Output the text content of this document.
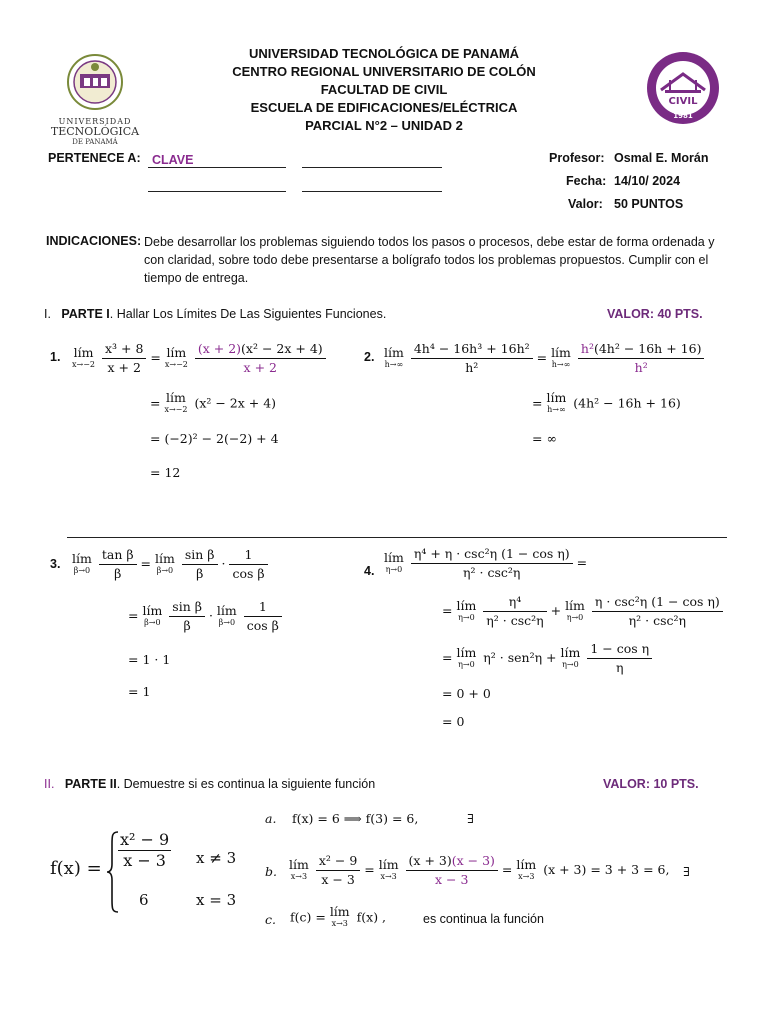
UNIVERSIDAD
TECNOLÓGICA
DE PANAMÁ
CIVIL
1981
UNIVERSIDAD TECNOLÓGICA DE PANAMÁ
CENTRO REGIONAL UNIVERSITARIO DE COLÓN
FACULTAD DE CIVIL
ESCUELA DE EDIFICACIONES/ELÉCTRICA
PARCIAL N°2 – UNIDAD 2
PERTENECE A: CLAVE	Profesor: Osmal E. Morán
Fecha: 14/10/ 2024
Valor: 50 PUNTOS
INDICACIONES: Debe desarrollar los problemas siguiendo todos los pasos o procesos, debe estar de forma ordenada y
con claridad, sobre todo debe presentarse a bolígrafo todos los problemas propuestos. Cumplir con el
tiempo de entrega.
I. PARTE I. Hallar Los Límites De Las Siguientes Funciones.	VALOR: 40 PTS.
1. lím
x→−2
$\frac{\text{x³ + 8}}{x + 2}$ = lím
x→−2
$\frac{\text{(x + 2)(x² − 2x + 4)}}{x + 2}$
= lím
x→−2 (x² − 2x + 4)
= (−2)² − 2(−2) + 4
= 12
2. lím
h→∞
$\frac{\text{4h⁴ − 16h³ + 16h²}}{\text{h²}}$ = lím
h→∞
$\frac{\text{h²(4h² − 16h + 16)}}{\text{h²}}$
= lím
h→∞ (4h² − 16h + 16)
= ∞
3. lím
β→0
$\frac{\text{tan β}}{\beta}$ = lím
β→0
$\frac{\text{sin β}}{\beta} \cdot \frac{1}{\text{cos β}}$
= lím
β→0
$\frac{\text{sin β}}{\beta}$ · lím
β→0
$\frac{1}{\text{cos β}}$
= 1 · 1
= 1
4.
lím
η→0
$\frac{\text{η⁴ + η · csc²η (1 − cos η)}}{\text{η² · csc²η}}$ =
= lím
η→0
$\frac{\text{η⁴}}{\text{η² · csc²η}}$ + lím
η→0
$\frac{\text{η · csc²η (1 − cos η)}}{\text{η² · csc²η}}$
= lím
η→0 η² · sen²η + lím
η→0
$\frac{\text{1 − cos η}}{\eta}$
= 0 + 0
= 0
II. PARTE II. Demuestre si es continua la siguiente función	VALOR: 10 PTS.
$f(x) = \frac{\text{x² − 9}}{x - 3}$ x ≠ 3
6	x = 3
a. f(x) = 6 ⟹ f(3) = 6,	∃
b. lím
x→3
$\frac{\text{x² − 9}}{x - 3}$ = lím
x→3
$\frac{(x + 3)(x - 3)}{x - 3}$ = lím
x→3 (x + 3) = 3 + 3 = 6, ∃
c. f(c) = lím
x→3 f(x) ,	es continua la función
